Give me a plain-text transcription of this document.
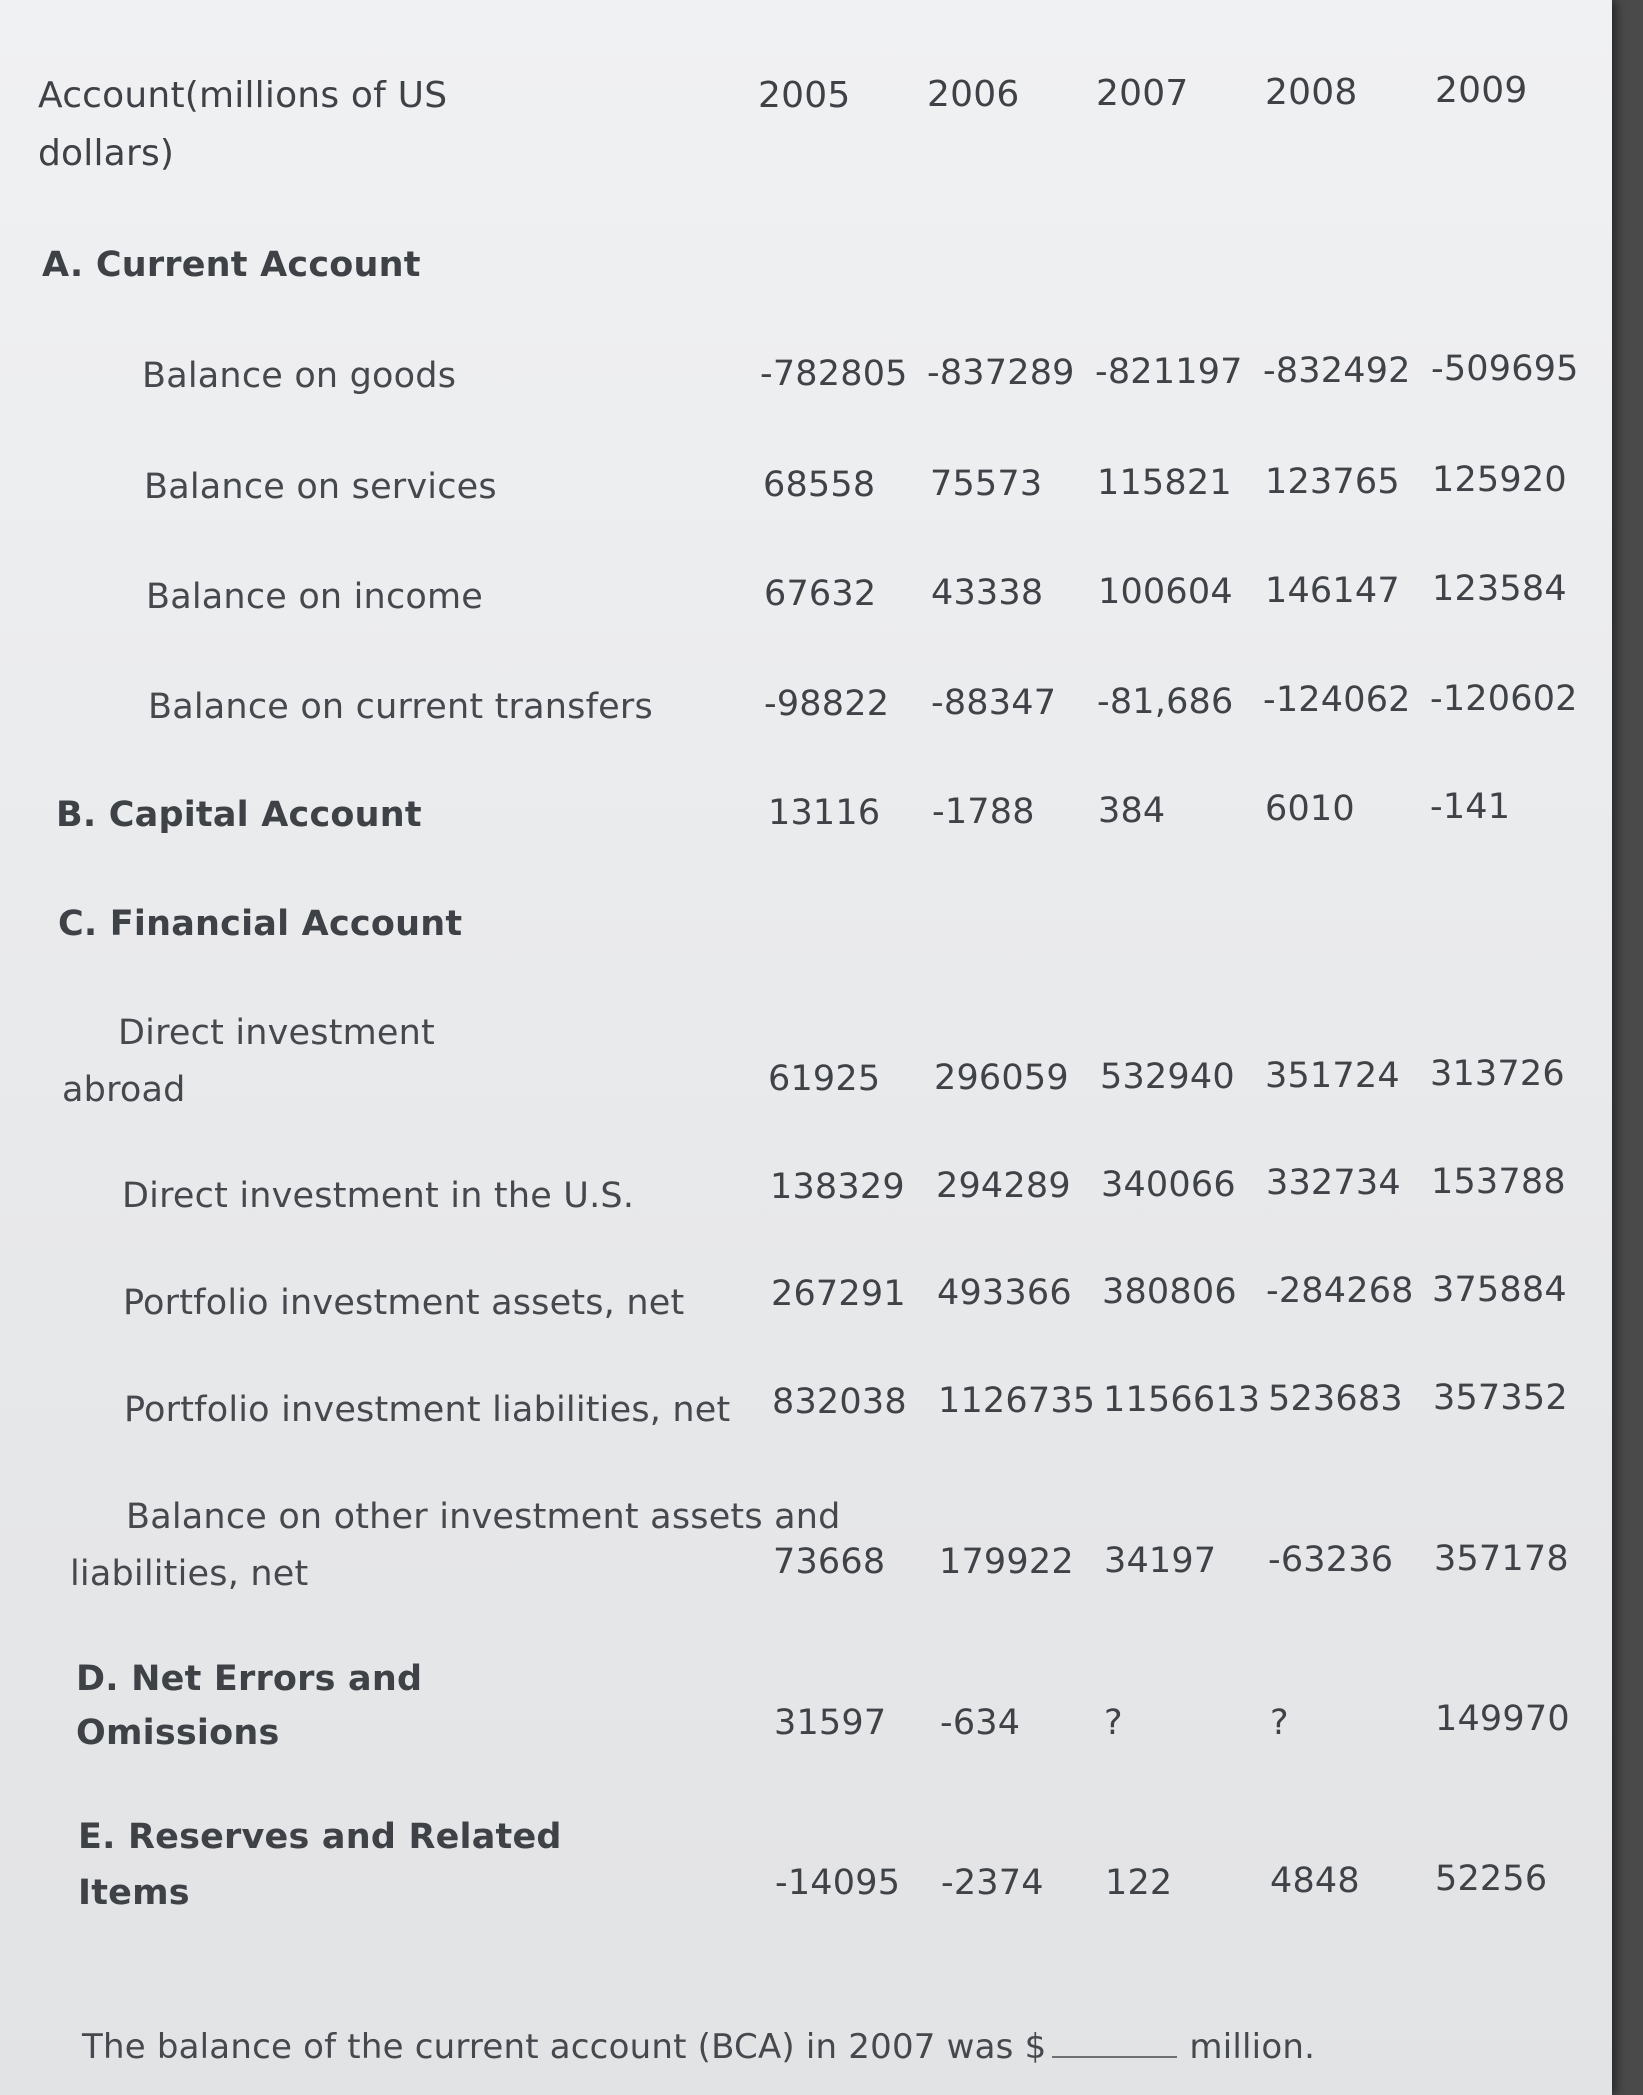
Account(millions of US
dollars)
2005 2006 2007 2008 2009
A. Current Account
Balance on goods	-782805 -837289 -821197 -832492 -509695
Balance on services	68558 75573 115821 123765 125920
Balance on income	67632 43338 100604 146147 123584
Balance on current transfers	-98822 -88347 -81,686 -124062 -120602
B. Capital Account	13116 -1788 384	6010 -141
C. Financial Account
Direct investment
abroad	61925 296059 532940 351724 313726
Direct investment in the U.S.	138329 294289 340066 332734 153788
Portfolio investment assets, net 267291 493366 380806 -284268 375884
Portfolio investment liabilities, net 832038 1126735 1156613 523683 357352
Balance on other investment assets and
liabilities, net	73668 179922 34197 -63236 357178
D. Net Errors and
Omissions	31597 -634 ?	?	149970
E. Reserves and Related
Items	-14095 -2374 122	4848 52256
The balance of the current account (BCA) in 2007 was $	million.
